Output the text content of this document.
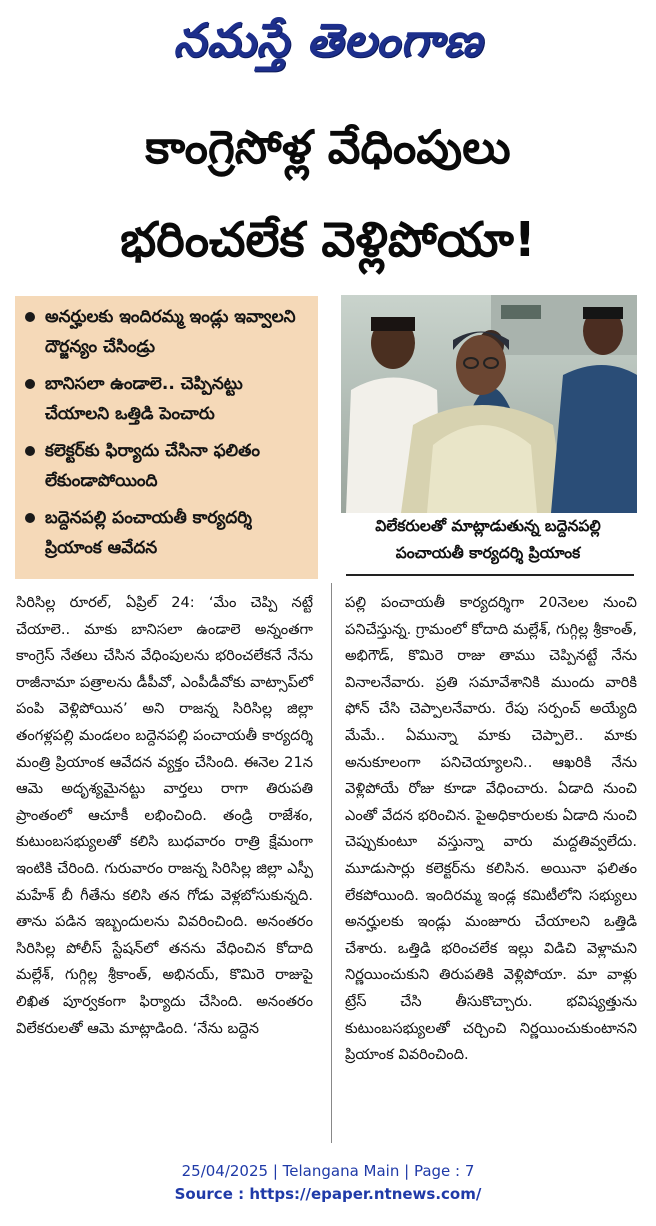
నమస్తే తెలంగాణ
కాంగ్రెసోళ్ల వేధింపులు
భరించలేక వెళ్లిపోయా!
అనర్హులకు ఇందిరమ్మ ఇండ్లు ఇవ్వాలని దౌర్జన్యం చేసిండ్రు
బానిసలా ఉండాలె.. చెప్పినట్టు చేయాలని ఒత్తిడి పెంచారు
కలెక్టర్‌కు ఫిర్యాదు చేసినా ఫలితం లేకుండాపోయింది
బద్దెనపల్లి పంచాయతీ కార్యదర్శి ప్రియాంక ఆవేదన
విలేకరులతో మాట్లాడుతున్న బద్దెనపల్లి
పంచాయతీ కార్యదర్శి ప్రియాంక
సిరిసిల్ల రూరల్, ఏప్రిల్ 24: ‘మేం చెప్పి నట్టే చేయాలె.. మాకు బానిసలా ఉండాలె అన్నంతగా కాంగ్రెస్ నేతలు చేసిన వేధింపులను భరించలేకనే నేను రాజీనామా పత్రాలను డీపీవో, ఎంపీడీవోకు వాట్సాప్‌లో పంపి వెళ్లిపోయిన’ అని రాజన్న సిరిసిల్ల జిల్లా తంగళ్లపల్లి మండలం బద్దెనపల్లి పంచాయతీ కార్యదర్శి మంత్రి ప్రియాంక ఆవేదన వ్యక్తం చేసింది. ఈనెల 21న ఆమె అదృశ్యమైనట్టు వార్తలు రాగా తిరుపతి ప్రాంతంలో ఆచూకీ లభించింది. తండ్రి రాజేశం, కుటుంబసభ్యులతో కలిసి బుధవారం రాత్రి క్షేమంగా ఇంటికి చేరింది. గురువారం రాజన్న సిరిసిల్ల జిల్లా ఎస్పీ మహేశ్ బీ గీతేను కలిసి తన గోడు వెళ్లబోసుకున్నది. తాను పడిన ఇబ్బందులను వివరించింది. అనంతరం సిరిసిల్ల పోలీస్ స్టేషన్‌లో తనను వేధించిన కోదాది మల్లేశ్, గుగ్గిల్ల శ్రీకాంత్, అభినయ్, కొమిరె రాజుపై లిఖిత పూర్వకంగా ఫిర్యాదు చేసింది. అనంతరం విలేకరులతో ఆమె మాట్లాడింది. ‘నేను బద్దెన
పల్లి పంచాయతీ కార్యదర్శిగా 20నెలల నుంచి పనిచేస్తున్న. గ్రామంలో కోదాది మల్లేశ్, గుగ్గిల్ల శ్రీకాంత్, అభిగౌడ్, కొమిరె రాజు తాము చెప్పినట్టే నేను వినాలనేవారు. ప్రతి సమావేశానికి ముందు వారికి ఫోన్ చేసి చెప్పాలనేవారు. రేపు సర్పంచ్ అయ్యేది మేమే.. ఏమున్నా మాకు చెప్పాలె.. మాకు అనుకూలంగా పనిచెయ్యాలని.. ఆఖరికి నేను వెళ్లిపోయే రోజు కూడా వేధించారు. ఏడాది నుంచి ఎంతో వేదన భరించిన. పైఅధికారులకు ఏడాది నుంచి చెప్పుకుంటూ వస్తున్నా వారు మద్దతివ్వలేదు. మూడుసార్లు కలెక్టర్‌ను కలిసిన. అయినా ఫలితం లేకపోయింది. ఇందిరమ్మ ఇండ్ల కమిటీలోని సభ్యులు అనర్హులకు ఇండ్లు మంజూరు చేయాలని ఒత్తిడి చేశారు. ఒత్తిడి భరించలేక ఇల్లు విడిచి వెళ్లామని నిర్ణయించుకుని తిరుపతికి వెళ్లిపోయా. మా వాళ్లు ట్రేస్ చేసి తీసుకొచ్చారు. భవిష్యత్తును కుటుంబసభ్యులతో చర్చించి నిర్ణయించుకుంటానని ప్రియాంక వివరించింది.
25/04/2025 | Telangana Main | Page : 7
Source : https://epaper.ntnews.com/
